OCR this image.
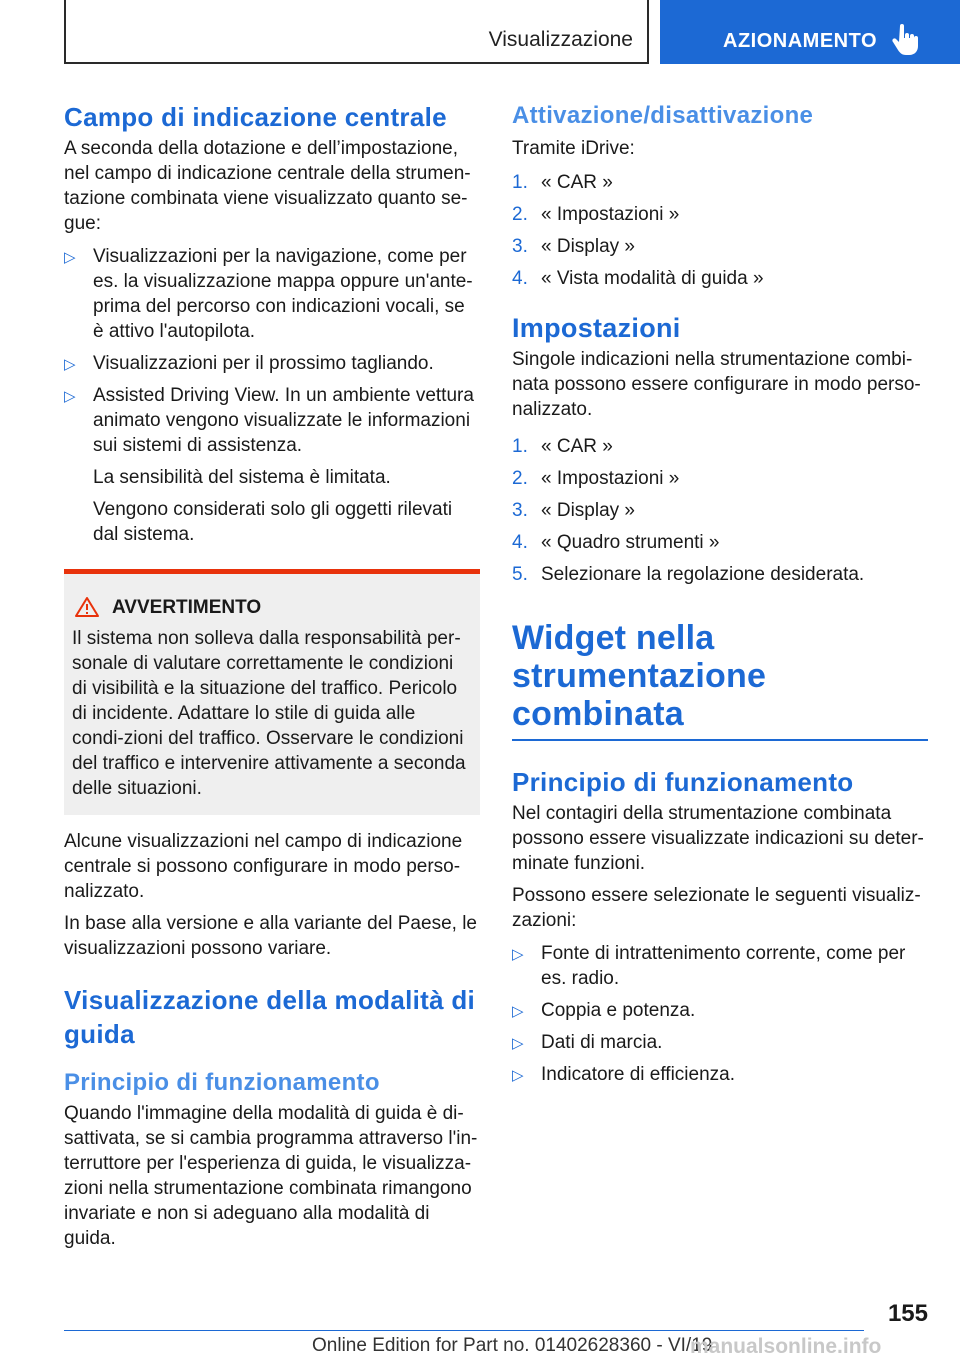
Visualizzazione	AZIONAMENTO
Campo di indicazione centrale

A seconda della dotazione e dell’impostazione, nel campo di indicazione centrale della strumen-tazione combinata viene visualizzato quanto se-gue:

▷ Visualizzazioni per la navigazione, come per es. la visualizzazione mappa oppure un'ante-prima del percorso con indicazioni vocali, se è attivo l'autopilota.
▷ Visualizzazioni per il prossimo tagliando.
▷ Assisted Driving View. In un ambiente vettura animato vengono visualizzate le informazioni sui sistemi di assistenza.

La sensibilità del sistema è limitata.

Vengono considerati solo gli oggetti rilevati dal sistema.

AVVERTIMENTO

Il sistema non solleva dalla responsabilità per-sonale di valutare correttamente le condizioni di visibilità e la situazione del traffico. Pericolo di incidente. Adattare lo stile di guida alle condi-zioni del traffico. Osservare le condizioni del traffico e intervenire attivamente a seconda delle situazioni.

Alcune visualizzazioni nel campo di indicazione centrale si possono configurare in modo perso-nalizzato.

In base alla versione e alla variante del Paese, le visualizzazioni possono variare.

Visualizzazione della modalità di guida
Principio di funzionamento

Quando l'immagine della modalità di guida è di-sattivata, se si cambia programma attraverso l'in-terruttore per l'esperienza di guida, le visualizza-zioni nella strumentazione combinata rimangono invariate e non si adeguano alla modalità di guida.

Attivazione/disattivazione

Tramite iDrive:

1. « CAR »
2. « Impostazioni »
3. « Display »
4. « Vista modalità di guida »
Impostazioni

Singole indicazioni nella strumentazione combi-nata possono essere configurare in modo perso-nalizzato.

1. « CAR »
2. « Impostazioni »
3. « Display »
4. « Quadro strumenti »
5. Selezionare la regolazione desiderata.
Widget nella strumentazione combinata
Principio di funzionamento

Nel contagiri della strumentazione combinata possono essere visualizzate indicazioni su deter-minate funzioni.

Possono essere selezionate le seguenti visualiz-zazioni:

▷ Fonte di intrattenimento corrente, come per es. radio.
▷ Coppia e potenza.
▷ Dati di marcia.
▷ Indicatore di efficienza.
155
Online Edition for Part no. 01402628360 - VI/19
manualsonline.info
